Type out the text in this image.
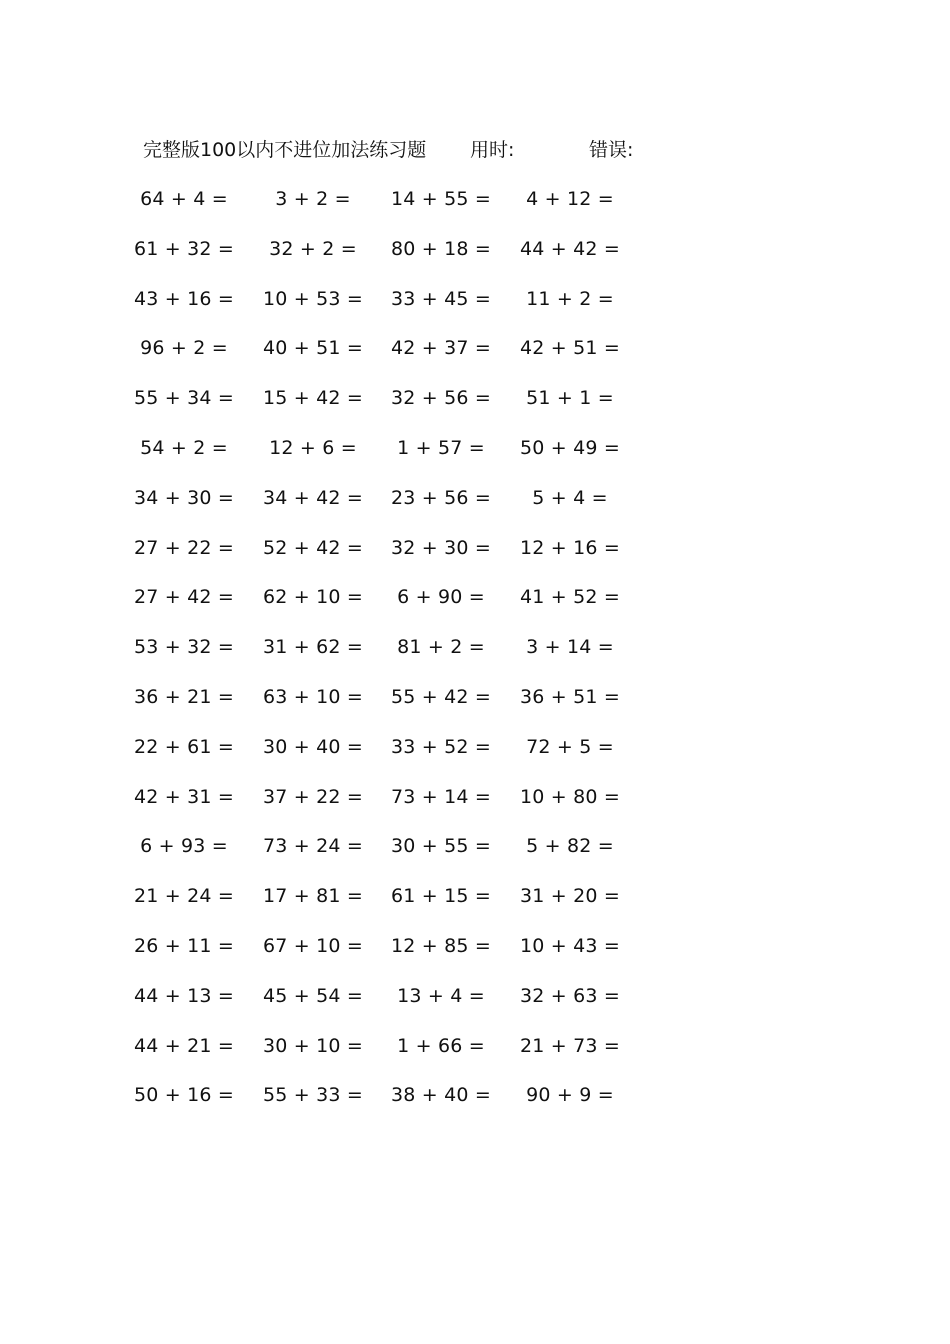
完整版100以内不进位加法练习题 用时:	错误:
64 + 4 =	3 + 2 =	14 + 55 =	4 + 12 =
61 + 32 =	32 + 2 =	80 + 18 =	44 + 42 =
43 + 16 =	10 + 53 =	33 + 45 =	11 + 2 =
96 + 2 =	40 + 51 =	42 + 37 =	42 + 51 =
55 + 34 =	15 + 42 =	32 + 56 =	51 + 1 =
54 + 2 =	12 + 6 =	1 + 57 =	50 + 49 =
34 + 30 =	34 + 42 =	23 + 56 =	5 + 4 =
27 + 22 =	52 + 42 =	32 + 30 =	12 + 16 =
27 + 42 =	62 + 10 =	6 + 90 =	41 + 52 =
53 + 32 =	31 + 62 =	81 + 2 =	3 + 14 =
36 + 21 =	63 + 10 =	55 + 42 =	36 + 51 =
22 + 61 =	30 + 40 =	33 + 52 =	72 + 5 =
42 + 31 =	37 + 22 =	73 + 14 =	10 + 80 =
6 + 93 =	73 + 24 =	30 + 55 =	5 + 82 =
21 + 24 =	17 + 81 =	61 + 15 =	31 + 20 =
26 + 11 =	67 + 10 =	12 + 85 =	10 + 43 =
44 + 13 =	45 + 54 =	13 + 4 =	32 + 63 =
44 + 21 =	30 + 10 =	1 + 66 =	21 + 73 =
50 + 16 =	55 + 33 =	38 + 40 =	90 + 9 =
